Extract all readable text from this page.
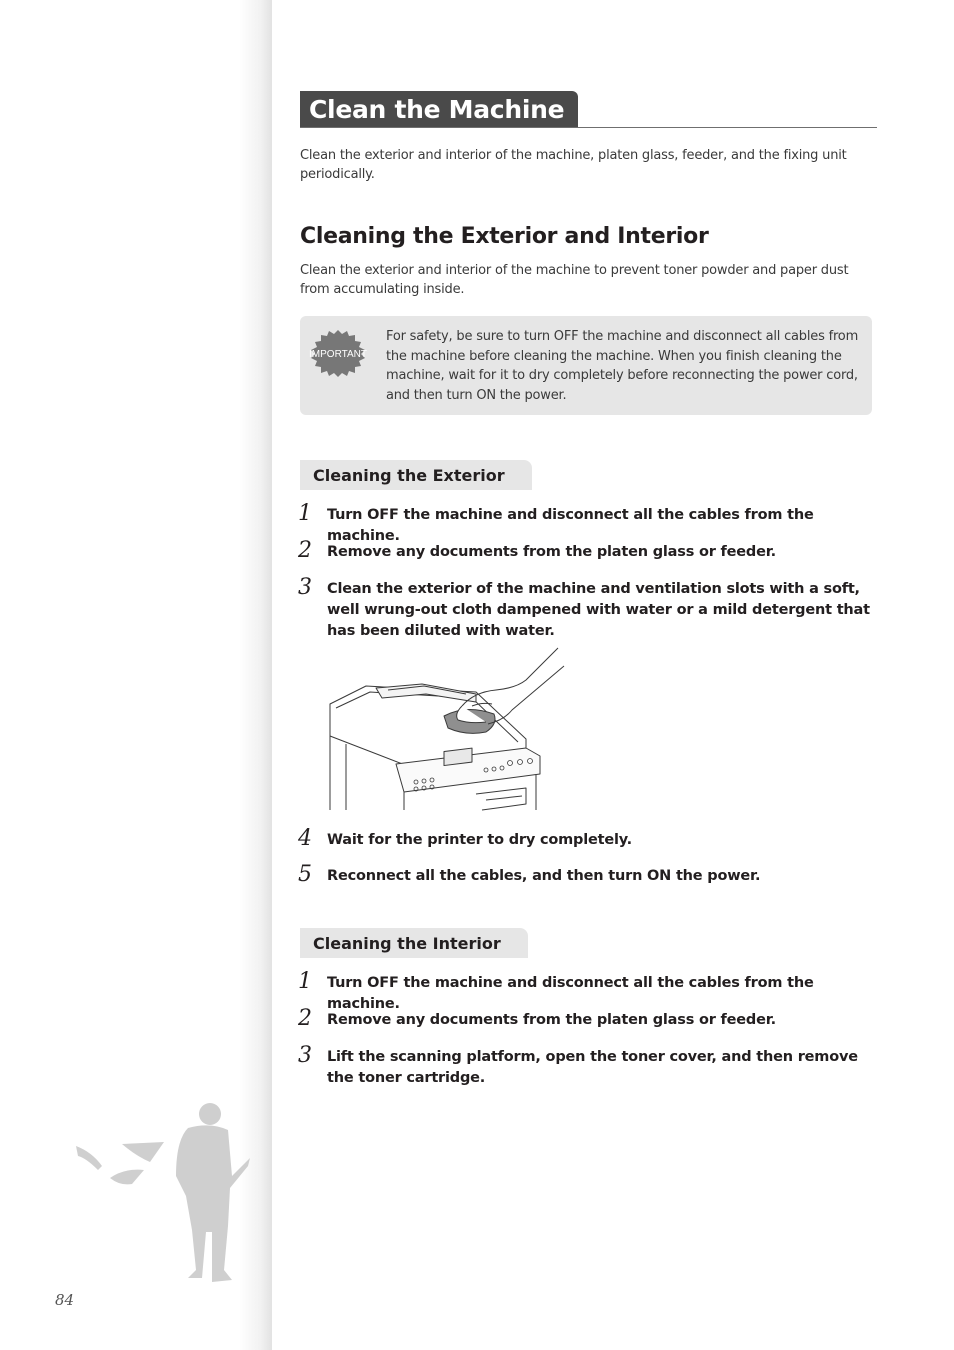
Clean the Machine
Clean the exterior and interior of the machine, platen glass, feeder, and the fixing unit periodically.
Cleaning the Exterior and Interior
Clean the exterior and interior of the machine to prevent toner powder and paper dust from accumulating inside.
IMPORTANT
For safety, be sure to turn OFF the machine and disconnect all cables from the machine before cleaning the machine. When you finish cleaning the machine, wait for it to dry completely before reconnecting the power cord, and then turn ON the power.
Cleaning the Exterior
1	Turn OFF the machine and disconnect all the cables from the machine.
2	Remove any documents from the platen glass or feeder.
3	Clean the exterior of the machine and ventilation slots with a soft, well wrung-out cloth dampened with water or a mild detergent that has been diluted with water.
4	Wait for the printer to dry completely.
5	Reconnect all the cables, and then turn ON the power.
Cleaning the Interior
1	Turn OFF the machine and disconnect all the cables from the machine.
2	Remove any documents from the platen glass or feeder.
3	Lift the scanning platform, open the toner cover, and then remove the toner cartridge.
84
